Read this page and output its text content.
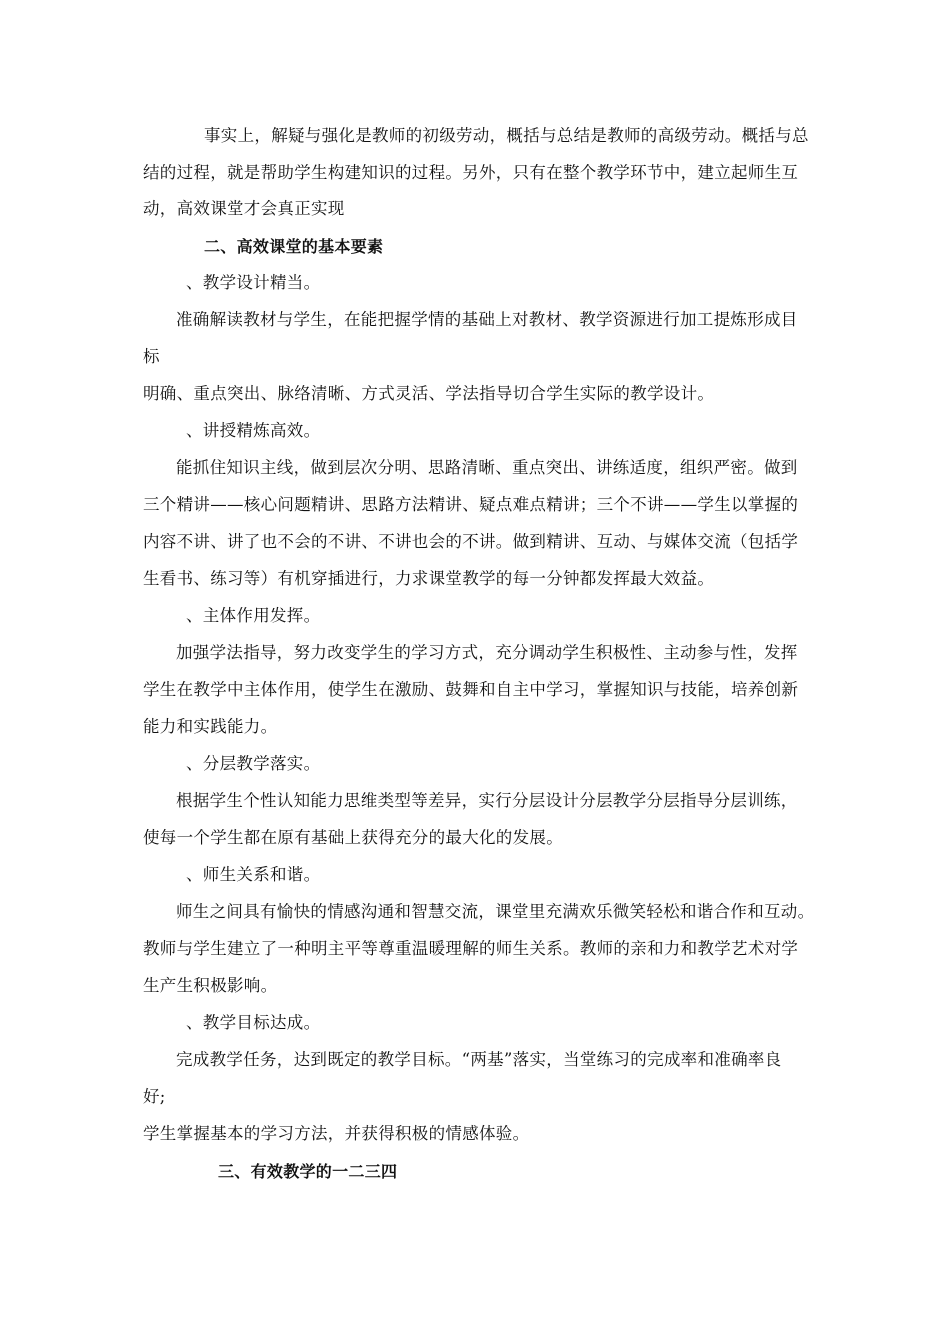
事实上，解疑与强化是教师的初级劳动，概括与总结是教师的高级劳动。概括与总
结的过程，就是帮助学生构建知识的过程。另外，只有在整个教学环节中，建立起师生互
动，高效课堂才会真正实现
二、高效课堂的基本要素
、教学设计精当。
准确解读教材与学生，在能把握学情的基础上对教材、教学资源进行加工提炼形成目
标
明确、重点突出、脉络清晰、方式灵活、学法指导切合学生实际的教学设计。
、讲授精炼高效。
能抓住知识主线，做到层次分明、思路清晰、重点突出、讲练适度，组织严密。做到
三个精讲——核心问题精讲、思路方法精讲、疑点难点精讲；三个不讲——学生以掌握的
内容不讲、讲了也不会的不讲、不讲也会的不讲。做到精讲、互动、与媒体交流（包括学
生看书、练习等）有机穿插进行，力求课堂教学的每一分钟都发挥最大效益。
、主体作用发挥。
加强学法指导，努力改变学生的学习方式，充分调动学生积极性、主动参与性，发挥
学生在教学中主体作用，使学生在激励、鼓舞和自主中学习，掌握知识与技能，培养创新
能力和实践能力。
、分层教学落实。
根据学生个性认知能力思维类型等差异，实行分层设计分层教学分层指导分层训练，
使每一个学生都在原有基础上获得充分的最大化的发展。
、师生关系和谐。
师生之间具有愉快的情感沟通和智慧交流，课堂里充满欢乐微笑轻松和谐合作和互动。
教师与学生建立了一种明主平等尊重温暖理解的师生关系。教师的亲和力和教学艺术对学
生产生积极影响。
、教学目标达成。
完成教学任务，达到既定的教学目标。“两基”落实，当堂练习的完成率和准确率良
好;
学生掌握基本的学习方法，并获得积极的情感体验。
三、有效教学的一二三四
